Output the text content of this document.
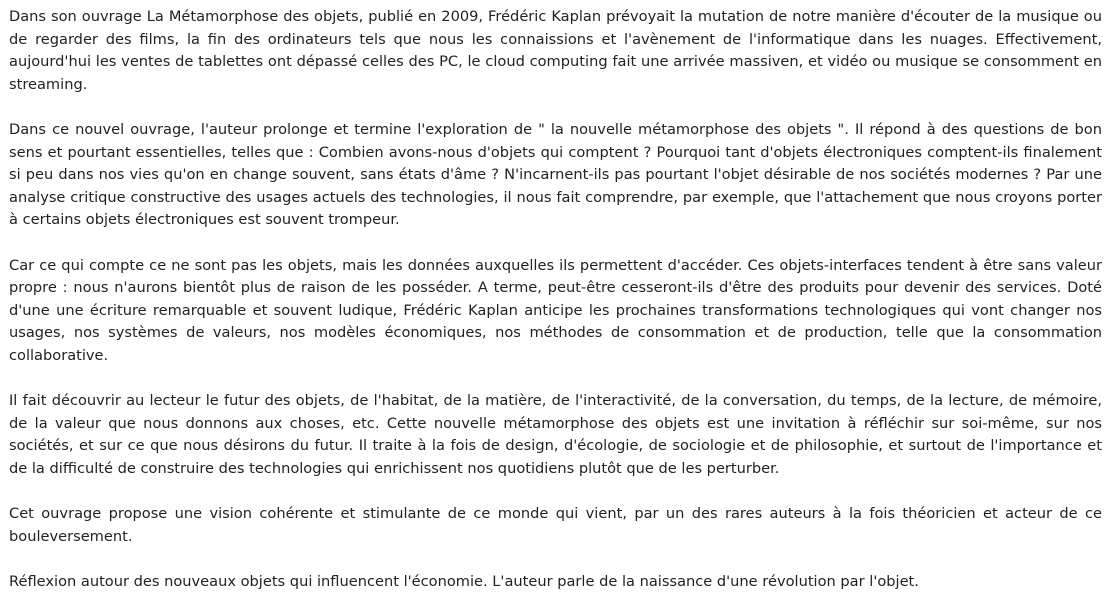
Dans son ouvrage La Métamorphose des objets, publié en 2009, Frédéric Kaplan prévoyait la mutation de notre manière d'écouter de la musique ou de regarder des films, la fin des ordinateurs tels que nous les connaissions et l'avènement de l'informatique dans les nuages. Effectivement, aujourd'hui les ventes de tablettes ont dépassé celles des PC, le cloud computing fait une arrivée massiven, et vidéo ou musique se consomment en streaming.

Dans ce nouvel ouvrage, l'auteur prolonge et termine l'exploration de " la nouvelle métamorphose des objets ". Il répond à des questions de bon sens et pourtant essentielles, telles que : Combien avons-nous d'objets qui comptent ? Pourquoi tant d'objets électroniques comptent-ils finalement si peu dans nos vies qu'on en change souvent, sans états d'âme ? N'incarnent-ils pas pourtant l'objet désirable de nos sociétés modernes ? Par une analyse critique constructive des usages actuels des technologies, il nous fait comprendre, par exemple, que l'attachement que nous croyons porter à certains objets électroniques est souvent trompeur.

Car ce qui compte ce ne sont pas les objets, mais les données auxquelles ils permettent d'accéder. Ces objets-interfaces tendent à être sans valeur propre : nous n'aurons bientôt plus de raison de les posséder. A terme, peut-être cesseront-ils d'être des produits pour devenir des services. Doté d'une une écriture remarquable et souvent ludique, Frédéric Kaplan anticipe les prochaines transformations technologiques qui vont changer nos usages, nos systèmes de valeurs, nos modèles économiques, nos méthodes de consommation et de production, telle que la consommation collaborative.

Il fait découvrir au lecteur le futur des objets, de l'habitat, de la matière, de l'interactivité, de la conversation, du temps, de la lecture, de mémoire, de la valeur que nous donnons aux choses, etc. Cette nouvelle métamorphose des objets est une invitation à réfléchir sur soi-même, sur nos sociétés, et sur ce que nous désirons du futur. Il traite à la fois de design, d'écologie, de sociologie et de philosophie, et surtout de l'importance et de la difficulté de construire des technologies qui enrichissent nos quotidiens plutôt que de les perturber.

Cet ouvrage propose une vision cohérente et stimulante de ce monde qui vient, par un des rares auteurs à la fois théoricien et acteur de ce bouleversement.

Réflexion autour des nouveaux objets qui influencent l'économie. L'auteur parle de la naissance d'une révolution par l'objet.
